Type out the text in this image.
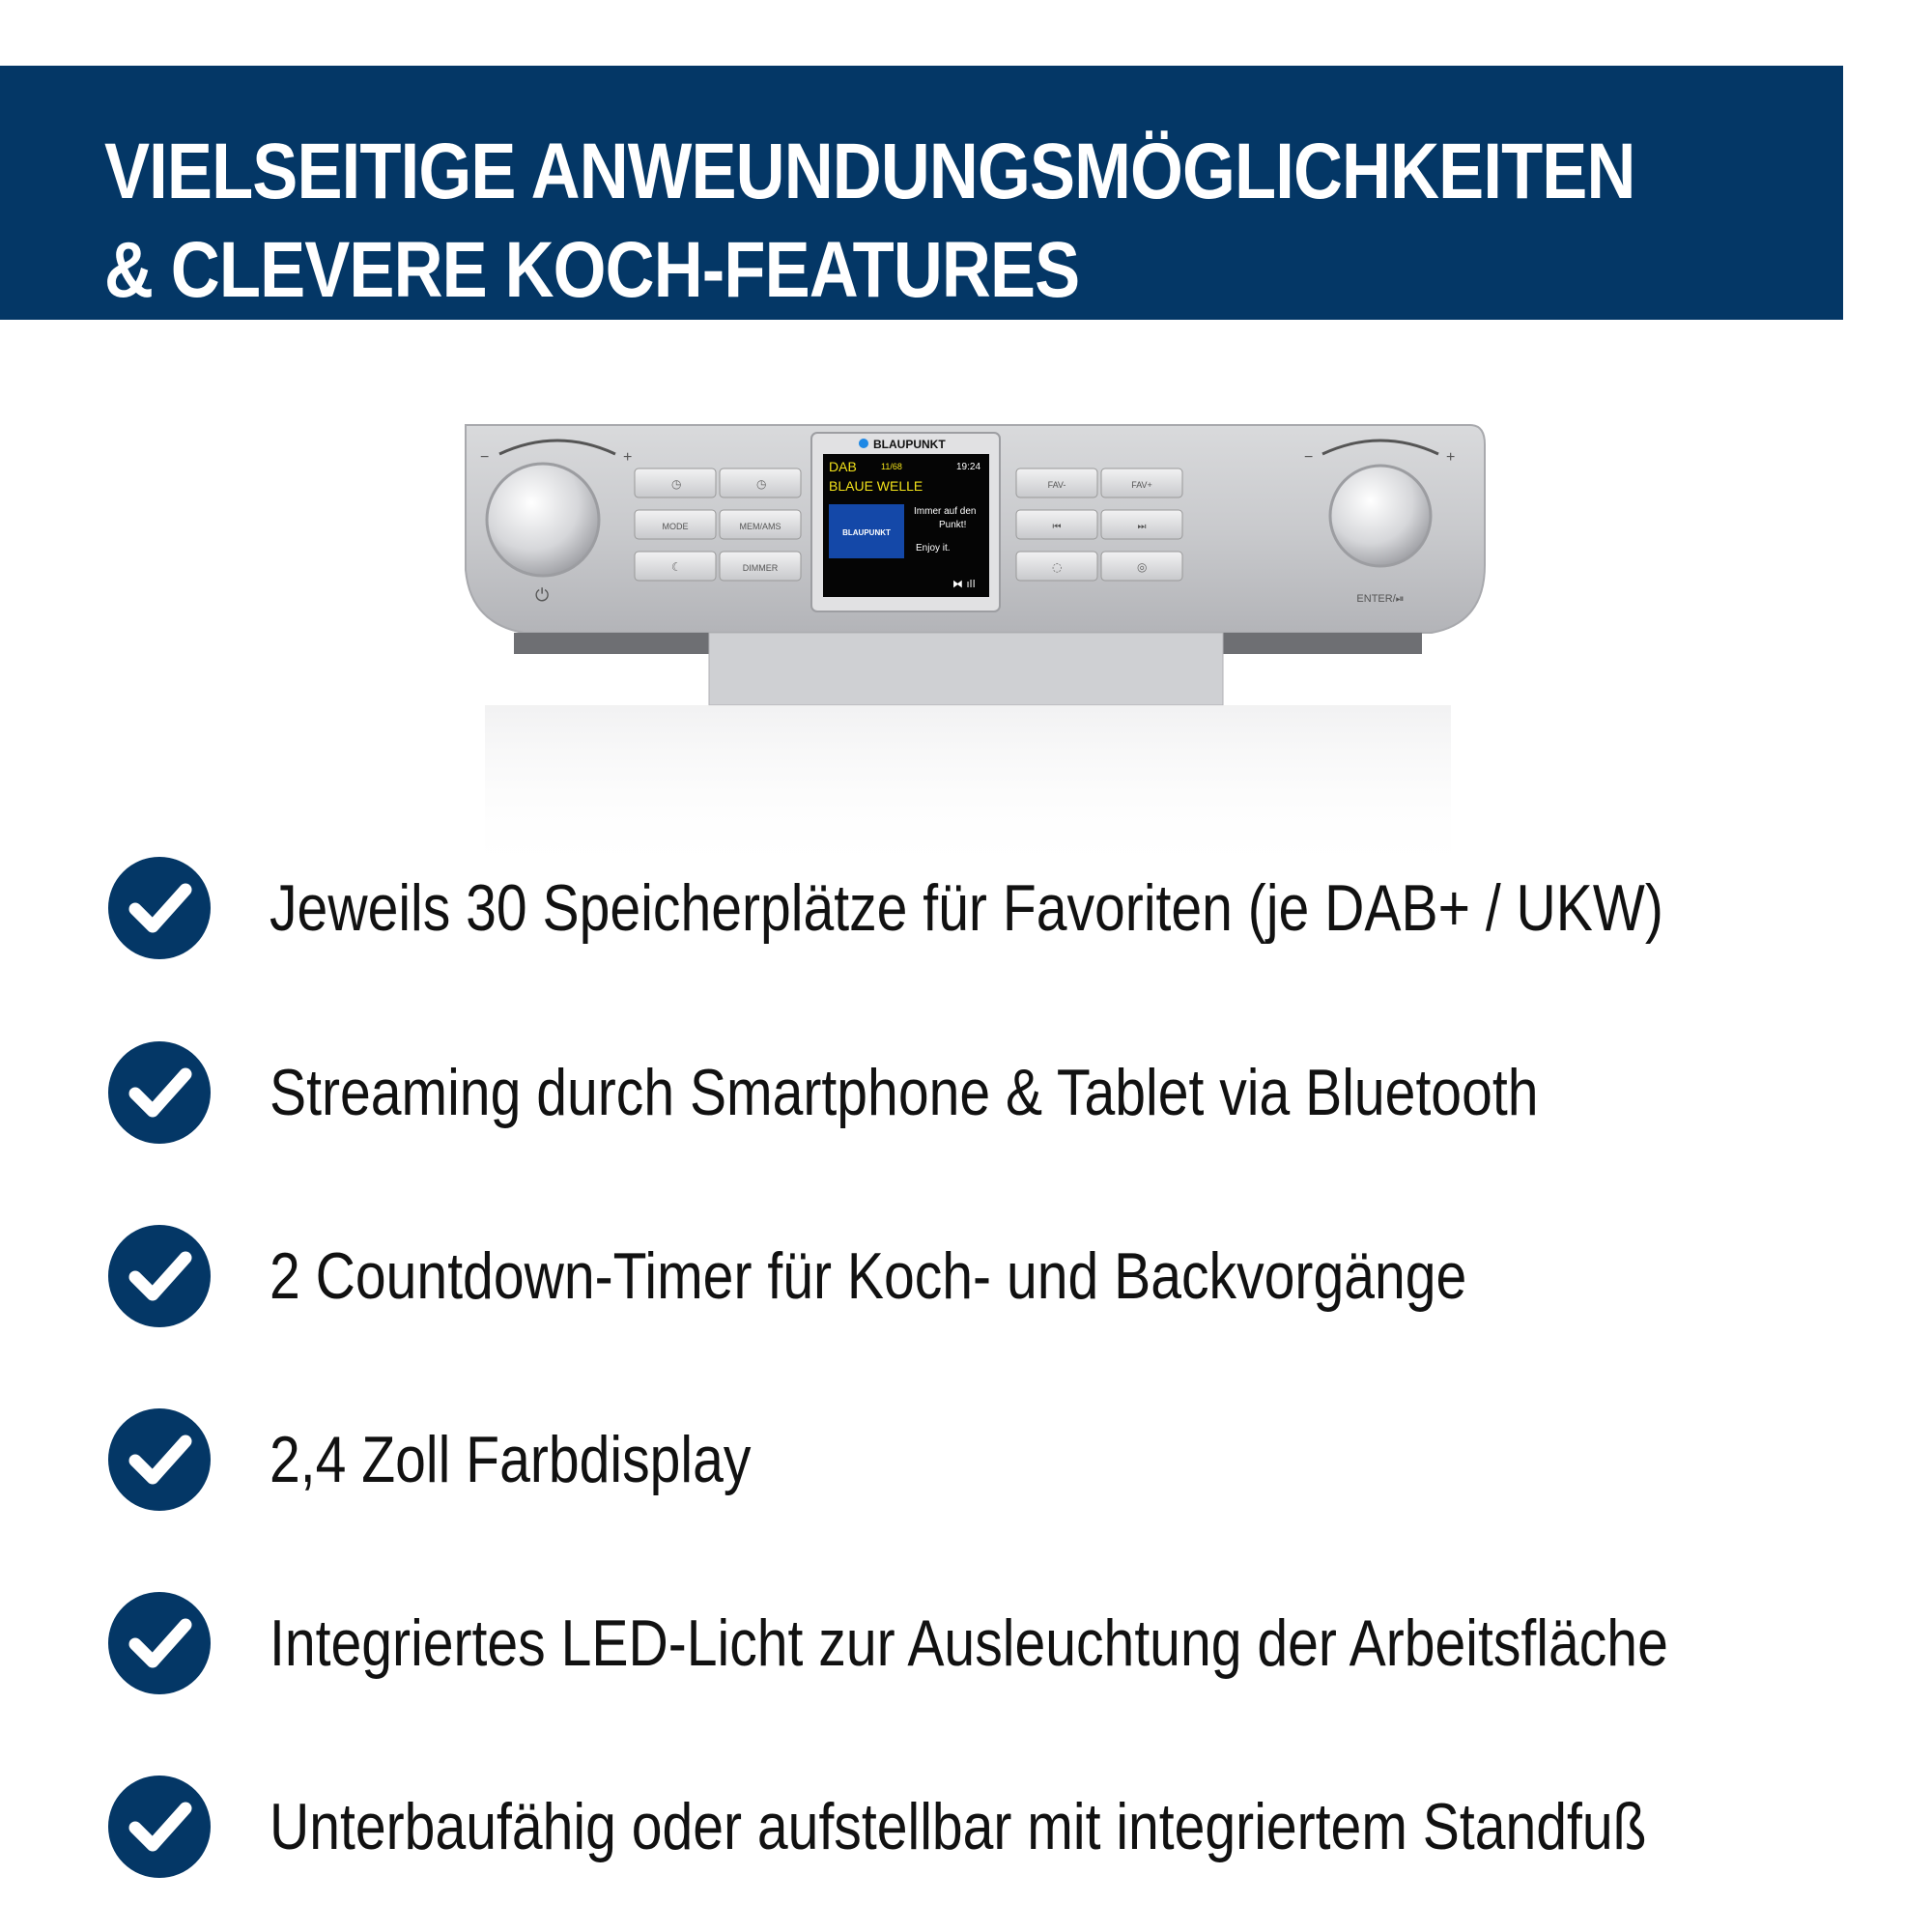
VIELSEITIGE ANWEUNDUNGSMÖGLICHKEITEN
& CLEVERE KOCH-FEATURES
−	+
⏻
◷	◷
MODE	MEM/AMS
☾	DIMMER
BLAUPUNKT
DAB	11/68	19:24
BLAUE WELLE
BLAUPUNKT
Immer auf den
Punkt!
Enjoy it.
⧓ ıll
FAV-	FAV+
⏮	⏭
◌	◎
−	+
ENTER/⏯
Jeweils 30 Speicherplätze für Favoriten (je DAB+ / UKW)
Streaming durch Smartphone & Tablet via Bluetooth
2 Countdown-Timer für Koch- und Backvorgänge
2,4 Zoll Farbdisplay
Integriertes LED-Licht zur Ausleuchtung der Arbeitsfläche
Unterbaufähig oder aufstellbar mit integriertem Standfuß
